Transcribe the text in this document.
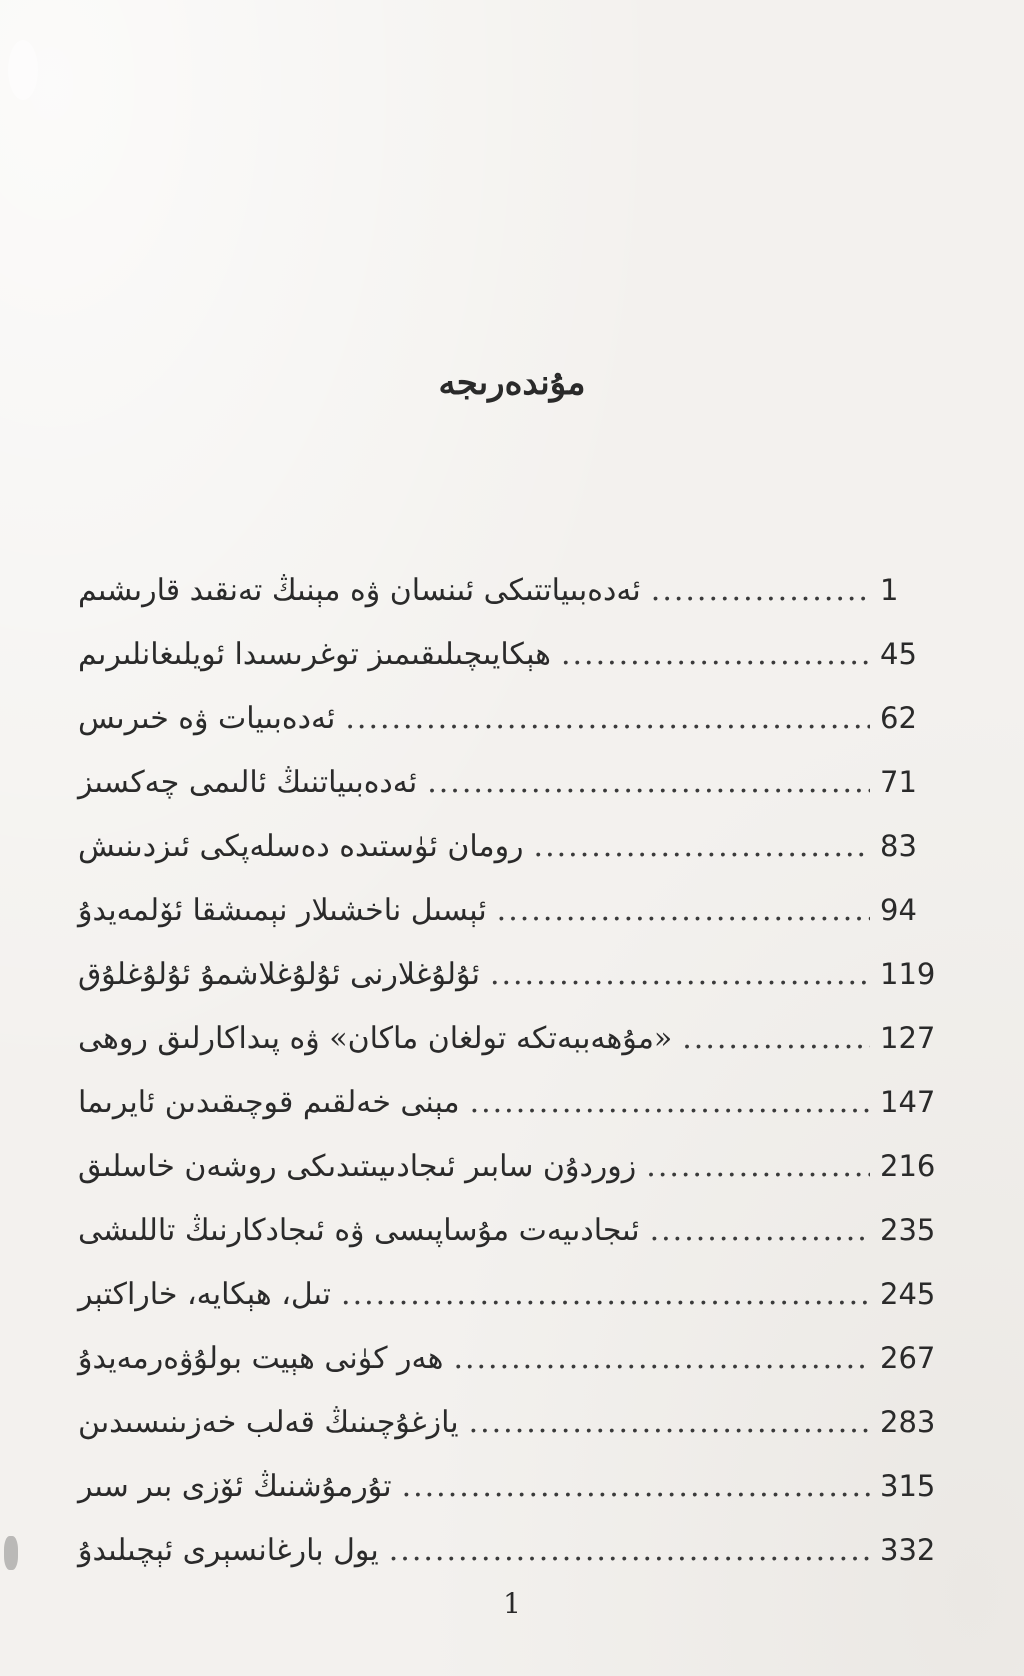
مۇندەرىجە
ئەدەبىياتتىكى ئىنسان ۋە مېنىڭ تەنقىد قارىشىم .....	1
ھېكايىچىلىقىمىز توغرىسىدا ئويلىغانلىرىم .....	45
ئەدەبىيات ۋە خىرىس .....	62
ئەدەبىياتنىڭ ئالىمى چەكسىز .....	71
رومان ئۈستىدە دەسلەپكى ئىزدىنىش .....	83
ئېسىل ناخشىلار نېمىشقا ئۆلمەيدۇ .....	94
ئۇلۇغلارنى ئۇلۇغلاشمۇ ئۇلۇغلۇق .....	119
«مۇھەببەتكە تولغان ماكان» ۋە پىداكارلىق روھى .....	127
مېنى خەلقىم قوچىقىدىن ئايرىما .....	147
زوردۇن سابىر ئىجادىيىتىدىكى روشەن خاسلىق .....	216
ئىجادىيەت مۇساپىسى ۋە ئىجادكارنىڭ تاللىشى .....	235
تىل، ھېكايە، خاراكتېر .....	245
ھەر كۈنى ھېيت بولۇۋەرمەيدۇ .....	267
يازغۇچىنىڭ قەلب خەزىنىسىدىن .....	283
تۇرمۇشنىڭ ئۆزى بىر سىر .....	315
يول بارغانسېرى ئېچىلىدۇ .....	332
1
